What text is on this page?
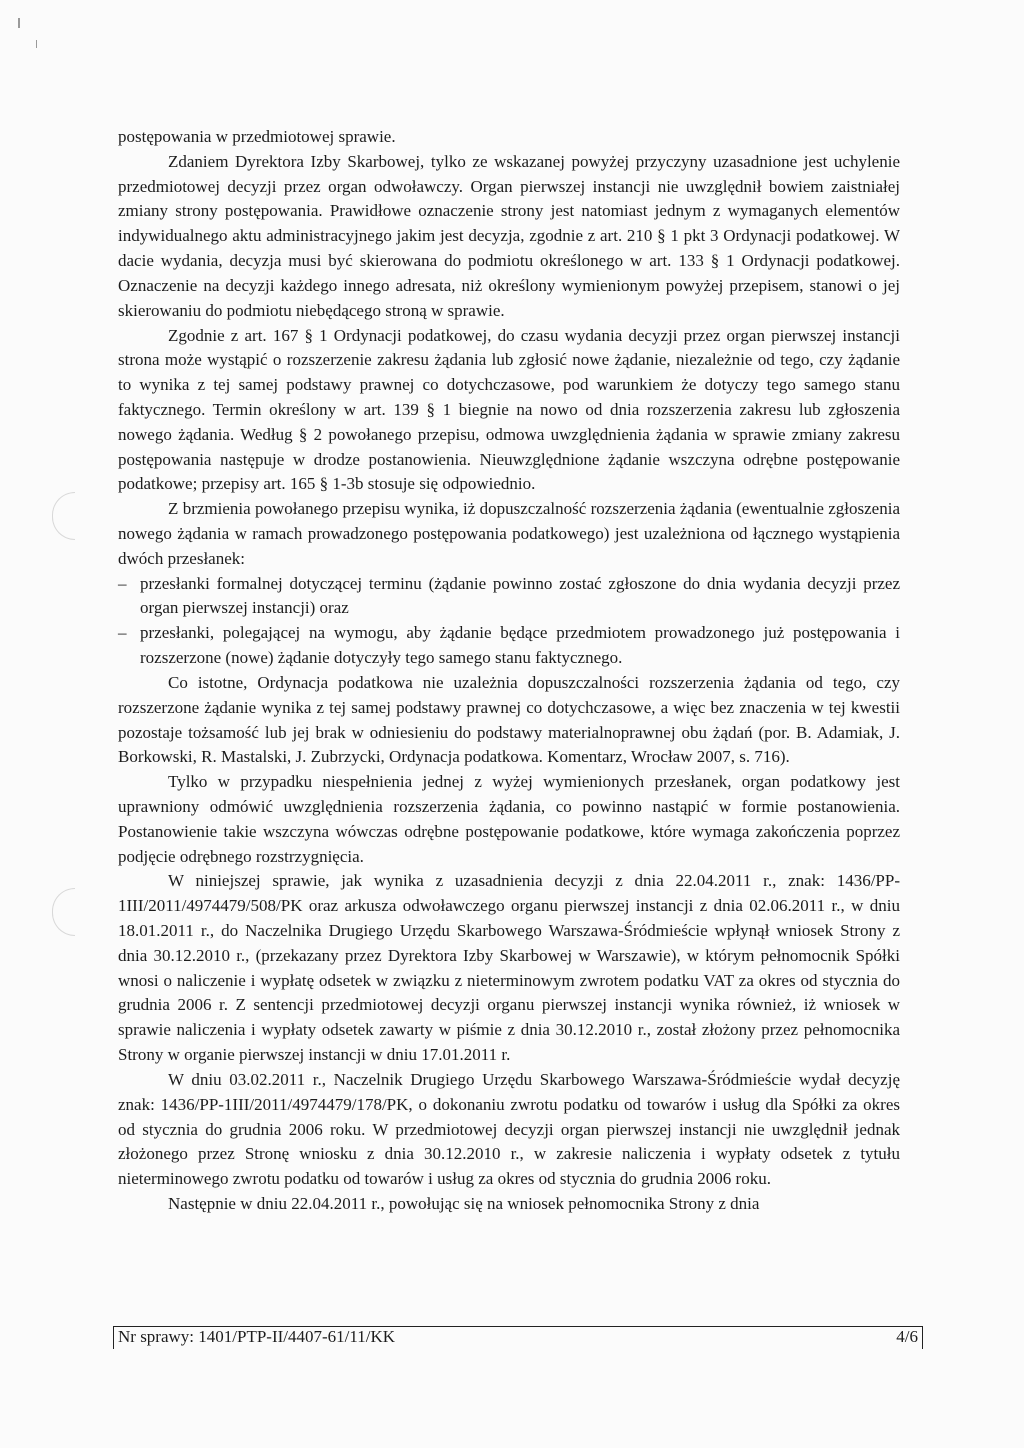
postępowania w przedmiotowej sprawie.

Zdaniem Dyrektora Izby Skarbowej, tylko ze wskazanej powyżej przyczyny uzasadnione jest uchylenie przedmiotowej decyzji przez organ odwoławczy. Organ pierwszej instancji nie uwzględnił bowiem zaistniałej zmiany strony postępowania. Prawidłowe oznaczenie strony jest natomiast jednym z wymaganych elementów indywidualnego aktu administracyjnego jakim jest decyzja, zgodnie z art. 210 § 1 pkt 3 Ordynacji podatkowej. W dacie wydania, decyzja musi być skierowana do podmiotu określonego w art. 133 § 1 Ordynacji podatkowej. Oznaczenie na decyzji każdego innego adresata, niż określony wymienionym powyżej przepisem, stanowi o jej skierowaniu do podmiotu niebędącego stroną w sprawie.

Zgodnie z art. 167 § 1 Ordynacji podatkowej, do czasu wydania decyzji przez organ pierwszej instancji strona może wystąpić o rozszerzenie zakresu żądania lub zgłosić nowe żądanie, niezależnie od tego, czy żądanie to wynika z tej samej podstawy prawnej co dotychczasowe, pod warunkiem że dotyczy tego samego stanu faktycznego. Termin określony w art. 139 § 1 biegnie na nowo od dnia rozszerzenia zakresu lub zgłoszenia nowego żądania. Według § 2 powołanego przepisu, odmowa uwzględnienia żądania w sprawie zmiany zakresu postępowania następuje w drodze postanowienia. Nieuwzględnione żądanie wszczyna odrębne postępowanie podatkowe; przepisy art. 165 § 1-3b stosuje się odpowiednio.

Z brzmienia powołanego przepisu wynika, iż dopuszczalność rozszerzenia żądania (ewentualnie zgłoszenia nowego żądania w ramach prowadzonego postępowania podatkowego) jest uzależniona od łącznego wystąpienia dwóch przesłanek:

– przesłanki formalnej dotyczącej terminu (żądanie powinno zostać zgłoszone do dnia wydania decyzji przez organ pierwszej instancji) oraz
– przesłanki, polegającej na wymogu, aby żądanie będące przedmiotem prowadzonego już postępowania i rozszerzone (nowe) żądanie dotyczyły tego samego stanu faktycznego.

Co istotne, Ordynacja podatkowa nie uzależnia dopuszczalności rozszerzenia żądania od tego, czy rozszerzone żądanie wynika z tej samej podstawy prawnej co dotychczasowe, a więc bez znaczenia w tej kwestii pozostaje tożsamość lub jej brak w odniesieniu do podstawy materialnoprawnej obu żądań (por. B. Adamiak, J. Borkowski, R. Mastalski, J. Zubrzycki, Ordynacja podatkowa. Komentarz, Wrocław 2007, s. 716).

Tylko w przypadku niespełnienia jednej z wyżej wymienionych przesłanek, organ podatkowy jest uprawniony odmówić uwzględnienia rozszerzenia żądania, co powinno nastąpić w formie postanowienia. Postanowienie takie wszczyna wówczas odrębne postępowanie podatkowe, które wymaga zakończenia poprzez podjęcie odrębnego rozstrzygnięcia.

W niniejszej sprawie, jak wynika z uzasadnienia decyzji z dnia 22.04.2011 r., znak: 1436/PP-1III/2011/4974479/508/PK oraz arkusza odwoławczego organu pierwszej instancji z dnia 02.06.2011 r., w dniu 18.01.2011 r., do Naczelnika Drugiego Urzędu Skarbowego Warszawa-Śródmieście wpłynął wniosek Strony z dnia 30.12.2010 r., (przekazany przez Dyrektora Izby Skarbowej w Warszawie), w którym pełnomocnik Spółki wnosi o naliczenie i wypłatę odsetek w związku z nieterminowym zwrotem podatku VAT za okres od stycznia do grudnia 2006 r. Z sentencji przedmiotowej decyzji organu pierwszej instancji wynika również, iż wniosek w sprawie naliczenia i wypłaty odsetek zawarty w piśmie z dnia 30.12.2010 r., został złożony przez pełnomocnika Strony w organie pierwszej instancji w dniu 17.01.2011 r.

W dniu 03.02.2011 r., Naczelnik Drugiego Urzędu Skarbowego Warszawa-Śródmieście wydał decyzję znak: 1436/PP-1III/2011/4974479/178/PK, o dokonaniu zwrotu podatku od towarów i usług dla Spółki za okres od stycznia do grudnia 2006 roku. W przedmiotowej decyzji organ pierwszej instancji nie uwzględnił jednak złożonego przez Stronę wniosku z dnia 30.12.2010 r., w zakresie naliczenia i wypłaty odsetek z tytułu nieterminowego zwrotu podatku od towarów i usług za okres od stycznia do grudnia 2006 roku.

Następnie w dniu 22.04.2011 r., powołując się na wniosek pełnomocnika Strony z dnia

Nr sprawy: 1401/PTP-II/4407-61/11/KK	4/6
